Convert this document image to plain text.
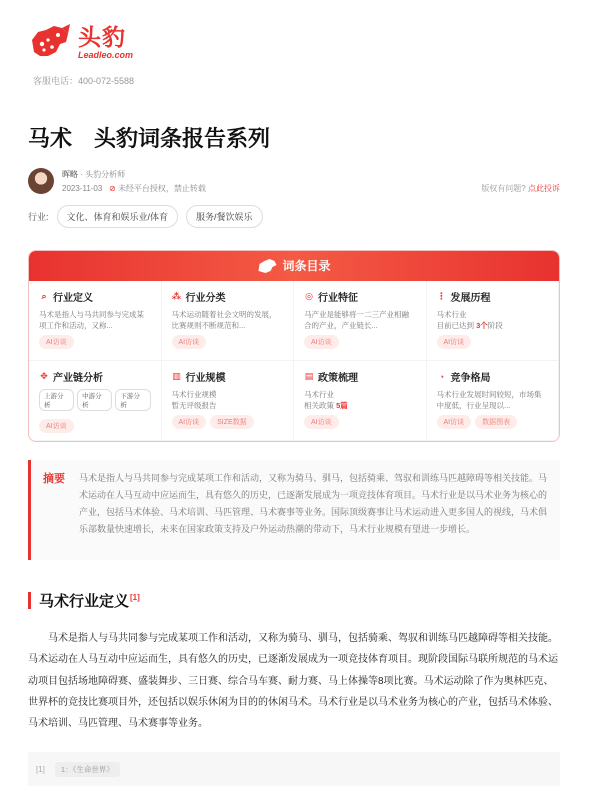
头豹
Leadleo.com
客服电话：400-072-5588
马术 头豹词条报告系列
晖略 · 头豹分析师
2023-11-03 ⊘ 未经平台授权，禁止转载	版权有问题? 点此投诉
行业:	文化、体育和娱乐业/体育	服务/餐饮娱乐
词条目录
⌕ 行业定义
马术是指人与马共同参与完成某项工作和活动，又称...
AI访谈
⁂ 行业分类
马术运动随着社会文明的发展，比赛规则不断规范和...
AI访谈
◎ 行业特征
马产业是能够将一二三产业相融合的产业，产业链长...
AI访谈
⋮ 发展历程
马术行业
目前已达到 3个阶段
AI访谈
✥ 产业链分析
上游分析
中游分析
下游分析
AI访谈
▥ 行业规模
马术行业规模
暂无评级报告
AI访谈	SIZE数据
▤ 政策梳理
马术行业
相关政策 5篇
AI访谈
◔ 竞争格局
马术行业发展时间较短，市场集中度低，行业呈现以...
AI访谈	数据图表
摘要	马术是指人与马共同参与完成某项工作和活动，又称为骑马、驯马，包括骑乘、驾驭和训练马匹越障碍等相关技能。马术运动在人马互动中应运而生，具有悠久的历史，已逐渐发展成为一项竞技体育项目。马术行业是以马术业务为核心的产业，包括马术体验、马术培训、马匹管理、马术赛事等业务。国际顶级赛事让马术运动进入更多国人的视线，马术俱乐部数量快速增长，未来在国家政策支持及户外运动热潮的带动下，马术行业规模有望进一步增长。
马术行业定义[1]
马术是指人与马共同参与完成某项工作和活动，又称为骑马、驯马，包括骑乘、驾驭和训练马匹越障碍等相关技能。马术运动在人马互动中应运而生，具有悠久的历史，已逐渐发展成为一项竞技体育项目。现阶段国际马联所规范的马术运动项目包括场地障碍赛、盛装舞步、三日赛、综合马车赛、耐力赛、马上体操等8项比赛。马术运动除了作为奥林匹克、世界杯的竞技比赛项目外，还包括以娱乐休闲为目的的休闲马术。马术行业是以马术业务为核心的产业，包括马术体验、马术培训、马匹管理、马术赛事等业务。
[1]	1：《生命世界》
